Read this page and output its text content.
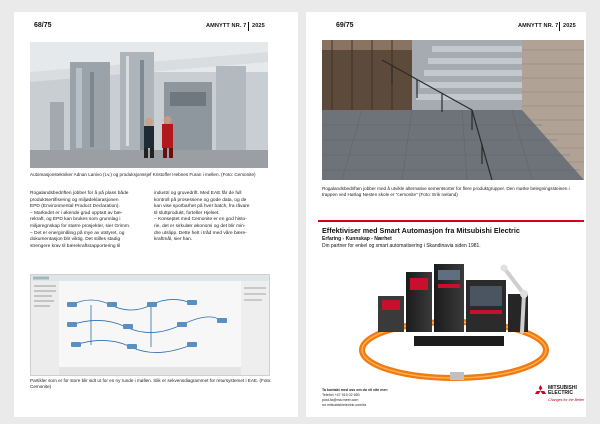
68/75	AMNYTT NR. 7 2025
Automasjonstekniker Adnan Lanivo (t.v.) og produksjonssjef Kristoffer Hebnes Furan i mellen. (Foto: Cemonite)
Rogalandsbedriften jobber for å på plass både
produktsertifisering og miljødeklarasjonen
EPD (Environmental Product Declaration).
– Markedet er i økende grad opptatt av bæ-
rekraft, og EPD kan brukes som grunnlag i
miljøregnskap for større prosjekter, sier Grimm.
– Det er energimåling på mye av utstyret, og
dokumentasjon blir viktig. Det stilles stadig
strengere krav til bærekraftsrapportering til
industri og gruvedrift. Med EAE får de full
kontroll på prosessene og gode data, og de
kan vise sporbarhet på hver batch, fra råvare
til sluttprodukt, forteller Hjelset.
– Konseptet med Cemonite er en god histo-
rie, det er sirkulær økonomi og det blir min-
dre utslipp. Dette helt i tråd med våre bære-
kraftmål, sier han.
Partikler som er for store blir sidt ut for en ny runde i møllen. Slik er sekvensdiagrammet for retursystemet i EAE. (Foto: Cemonite)
69/75	AMNYTT NR. 7 2025
Rogalandsbedriften jobber med å utvikle alternative sementsorter for flere produktgrupper. Den mørke belegningssteinen i trappen ved Hørlag Nesten skole er "cemonite" (Foto: Erik Iveland)
Effektiviser med Smart Automasjon fra Mitsubishi Electric
Erfaring - Kunnskap - Nærhet
Din partner for enkel og smart automatisering i Skandinavia siden 1981.
Ta kontakt med oss om du vil vite mer:
Telefon +47 915 02 650
post-fa@ma.meer.com
no.mitsubishielectric.com/fa
MITSUBISHI ELECTRIC
Changes for the Better
